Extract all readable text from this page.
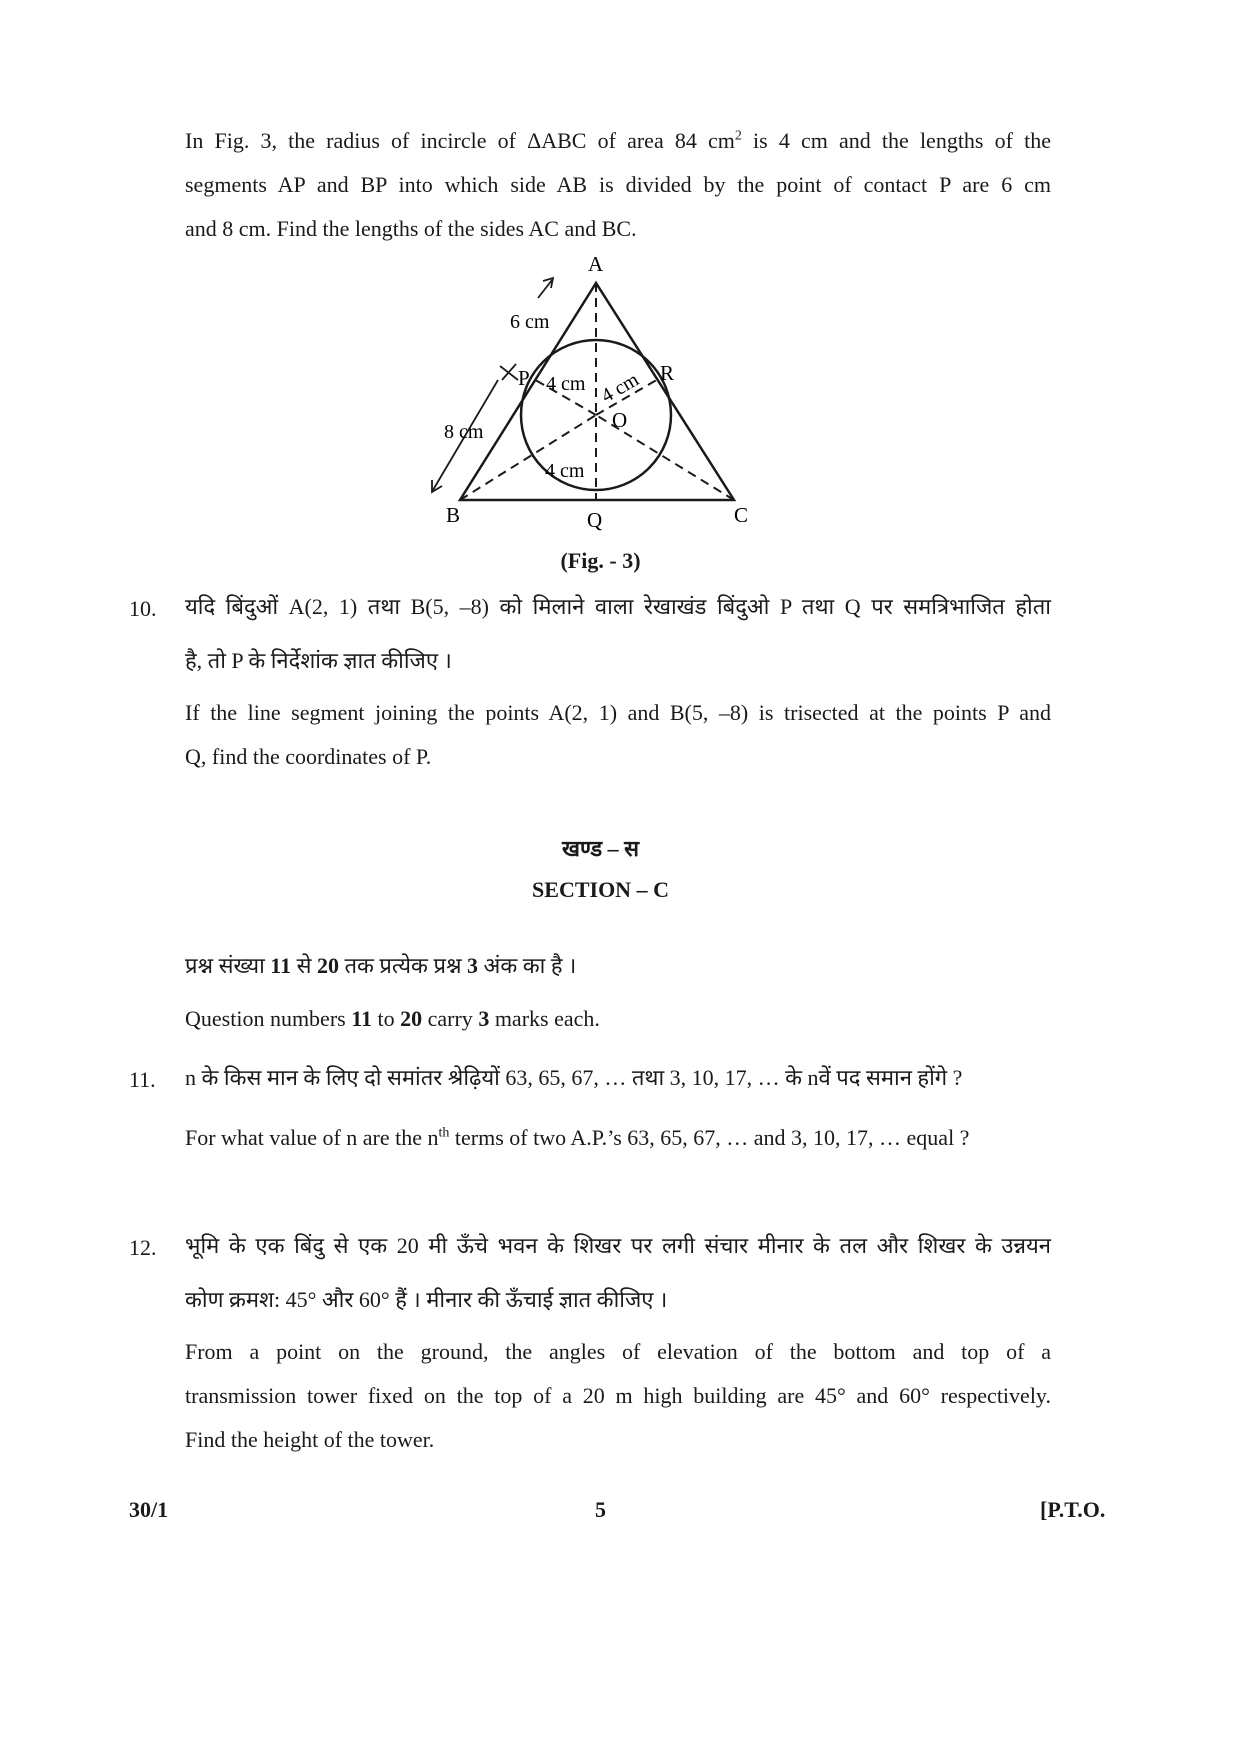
In Fig. 3, the radius of incircle of ΔABC of area 84 $cm^2$ is 4 cm and the lengths of the
segments AP and BP into which side AB is divided by the point of contact P are 6 cm
and 8 cm. Find the lengths of the sides AC and BC.
A
B	C
P
Q
R
O
6 cm
8 cm
4 cm 4 cm
4 cm
(Fig. - 3)
10. यदि बिंदुओं A(2, 1) तथा B(5, –8) को मिलाने वाला रेखाखंड बिंदुओ P तथा Q पर समत्रिभाजित होता
है, तो P के निर्देशांक ज्ञात कीजिए ।
If the line segment joining the points A(2, 1) and B(5, –8) is trisected at the points P and
Q, find the coordinates of P.
खण्ड – स
SECTION – C
प्रश्न संख्या 11 से 20 तक प्रत्येक प्रश्न 3 अंक का है ।
Question numbers 11 to 20 carry 3 marks each.
11. n के किस मान के लिए दो समांतर श्रेढ़ियों 63, 65, 67, … तथा 3, 10, 17, … के nवें पद समान होंगे ?
For what value of n are the $n^{th}$ terms of two A.P.’s 63, 65, 67, … and 3, 10, 17, … equal ?
12. भूमि के एक बिंदु से एक 20 मी ऊँचे भवन के शिखर पर लगी संचार मीनार के तल और शिखर के उन्नयन
कोण क्रमश: 45° और 60° हैं । मीनार की ऊँचाई ज्ञात कीजिए ।
From a point on the ground, the angles of elevation of the bottom and top of a
transmission tower fixed on the top of a 20 m high building are 45° and 60° respectively.
Find the height of the tower.
30/1	5	[P.T.O.
